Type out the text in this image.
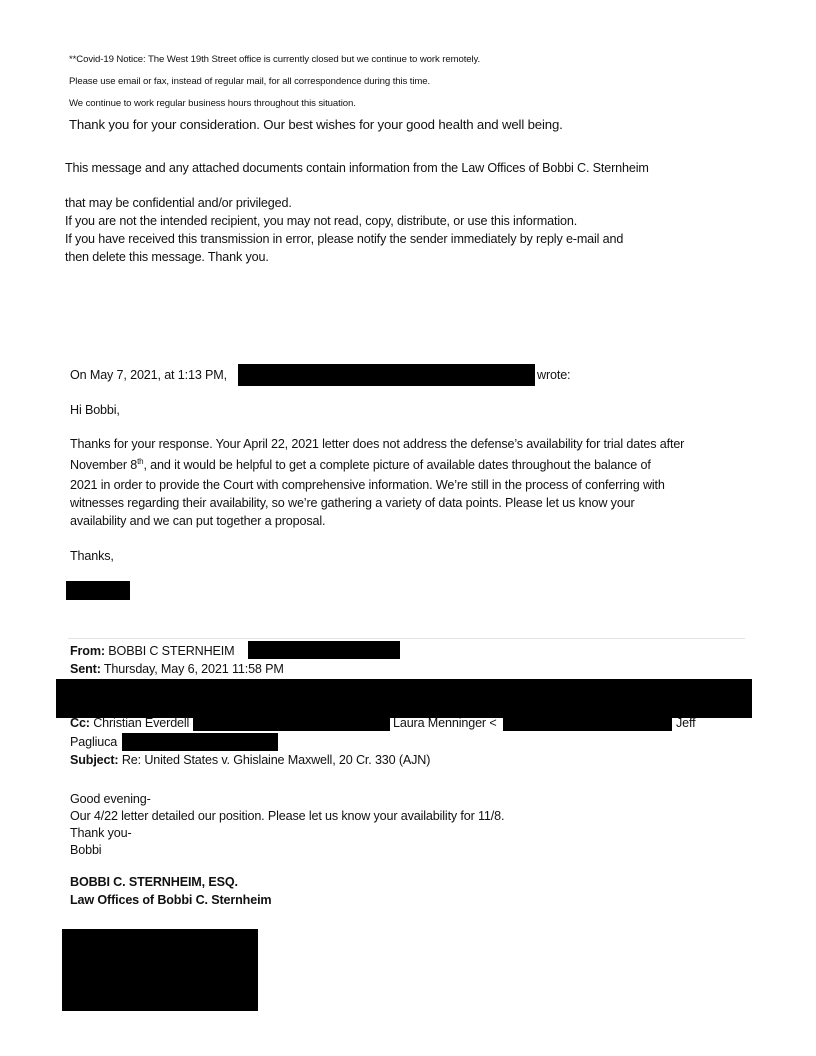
**Covid-19 Notice: The West 19th Street office is currently closed but we continue to work remotely.
Please use email or fax, instead of regular mail, for all correspondence during this time.
We continue to work regular business hours throughout this situation.
Thank you for your consideration. Our best wishes for your good health and well being.
This message and any attached documents contain information from the Law Offices of Bobbi C. Sternheim
that may be confidential and/or privileged.
If you are not the intended recipient, you may not read, copy, distribute, or use this information.
If you have received this transmission in error, please notify the sender immediately by reply e-mail and
then delete this message. Thank you.
On May 7, 2021, at 1:13 PM,	wrote:
Hi Bobbi,
Thanks for your response. Your April 22, 2021 letter does not address the defense’s availability for trial dates after
November 8th, and it would be helpful to get a complete picture of available dates throughout the balance of
2021 in order to provide the Court with comprehensive information. We’re still in the process of conferring with
witnesses regarding their availability, so we’re gathering a variety of data points. Please let us know your
availability and we can put together a proposal.
Thanks,
From: BOBBI C STERNHEIM
Sent: Thursday, May 6, 2021 11:58 PM
Cc: Christian Everdell	Laura Menninger <	Jeff
Pagliuca
Subject: Re: United States v. Ghislaine Maxwell, 20 Cr. 330 (AJN)
Good evening-
Our 4/22 letter detailed our position. Please let us know your availability for 11/8.
Thank you-
Bobbi
BOBBI C. STERNHEIM, ESQ.
Law Offices of Bobbi C. Sternheim
